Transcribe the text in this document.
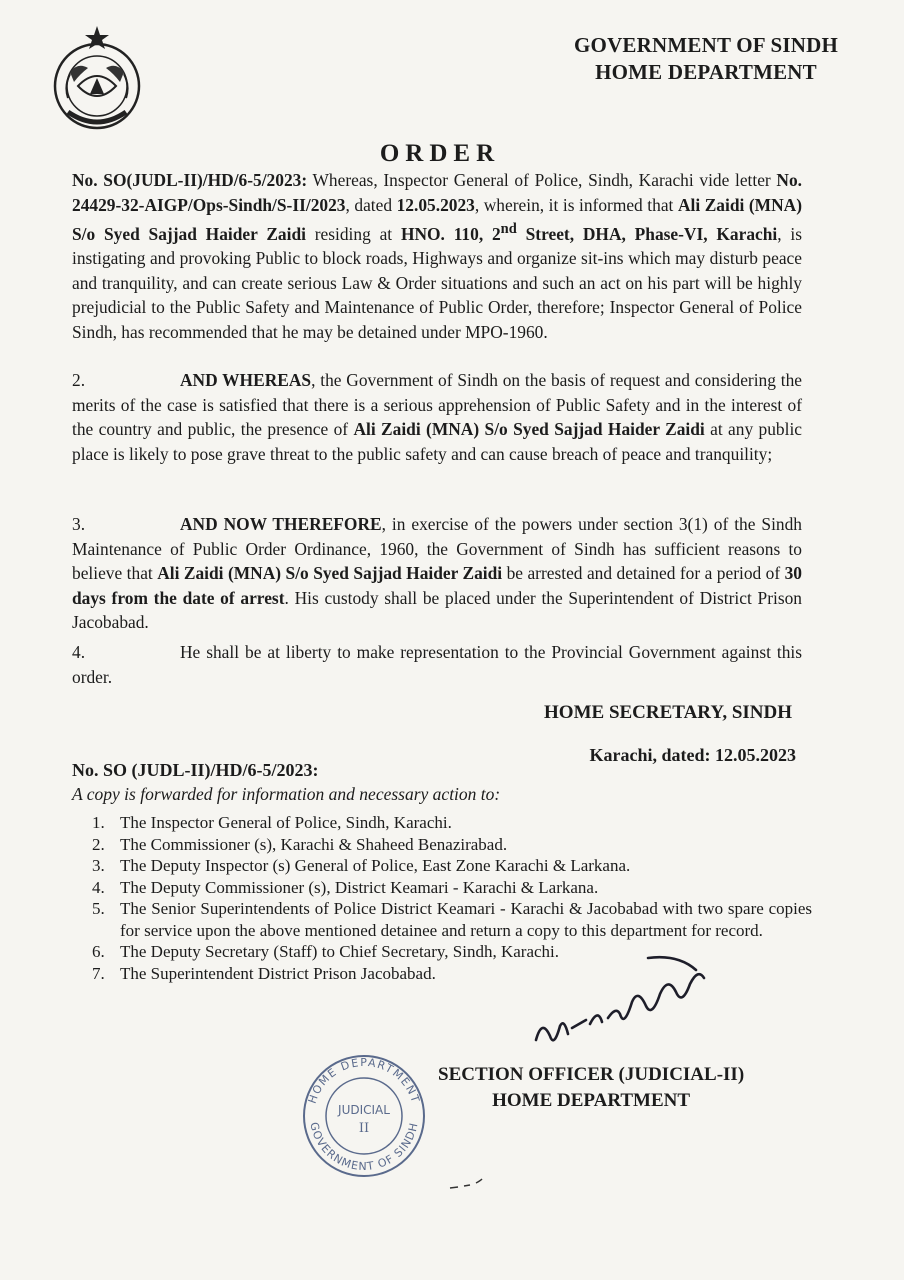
GOVERNMENT OF SINDH
HOME DEPARTMENT
ORDER
No. SO(JUDL-II)/HD/6-5/2023: Whereas, Inspector General of Police, Sindh, Karachi vide letter No. 24429-32-AIGP/Ops-Sindh/S-II/2023, dated 12.05.2023, wherein, it is informed that Ali Zaidi (MNA) S/o Syed Sajjad Haider Zaidi residing at HNO. 110, 2nd Street, DHA, Phase-VI, Karachi, is instigating and provoking Public to block roads, Highways and organize sit-ins which may disturb peace and tranquility, and can create serious Law & Order situations and such an act on his part will be highly prejudicial to the Public Safety and Maintenance of Public Order, therefore; Inspector General of Police Sindh, has recommended that he may be detained under MPO-1960.
2.	AND WHEREAS, the Government of Sindh on the basis of request and considering the merits of the case is satisfied that there is a serious apprehension of Public Safety and in the interest of the country and public, the presence of Ali Zaidi (MNA) S/o Syed Sajjad Haider Zaidi at any public place is likely to pose grave threat to the public safety and can cause breach of peace and tranquility;
3.	AND NOW THEREFORE, in exercise of the powers under section 3(1) of the Sindh Maintenance of Public Order Ordinance, 1960, the Government of Sindh has sufficient reasons to believe that Ali Zaidi (MNA) S/o Syed Sajjad Haider Zaidi be arrested and detained for a period of 30 days from the date of arrest. His custody shall be placed under the Superintendent of District Prison Jacobabad.
4.	He shall be at liberty to make representation to the Provincial Government against this order.
HOME SECRETARY, SINDH
Karachi, dated: 12.05.2023
No. SO (JUDL-II)/HD/6-5/2023:
A copy is forwarded for information and necessary action to:
1. The Inspector General of Police, Sindh, Karachi.
2. The Commissioner (s), Karachi & Shaheed Benazirabad.
3. The Deputy Inspector (s) General of Police, East Zone Karachi & Larkana.
4. The Deputy Commissioner (s), District Keamari - Karachi & Larkana.
5. The Senior Superintendents of Police District Keamari - Karachi & Jacobabad with two spare copies for service upon the above mentioned detainee and return a copy to this department for record.
6. The Deputy Secretary (Staff) to Chief Secretary, Sindh, Karachi.
7. The Superintendent District Prison Jacobabad.
HOME DEPARTMENT
GOVERNMENT OF SINDH
JUDICIAL
II
SECTION OFFICER (JUDICIAL-II)
HOME DEPARTMENT
